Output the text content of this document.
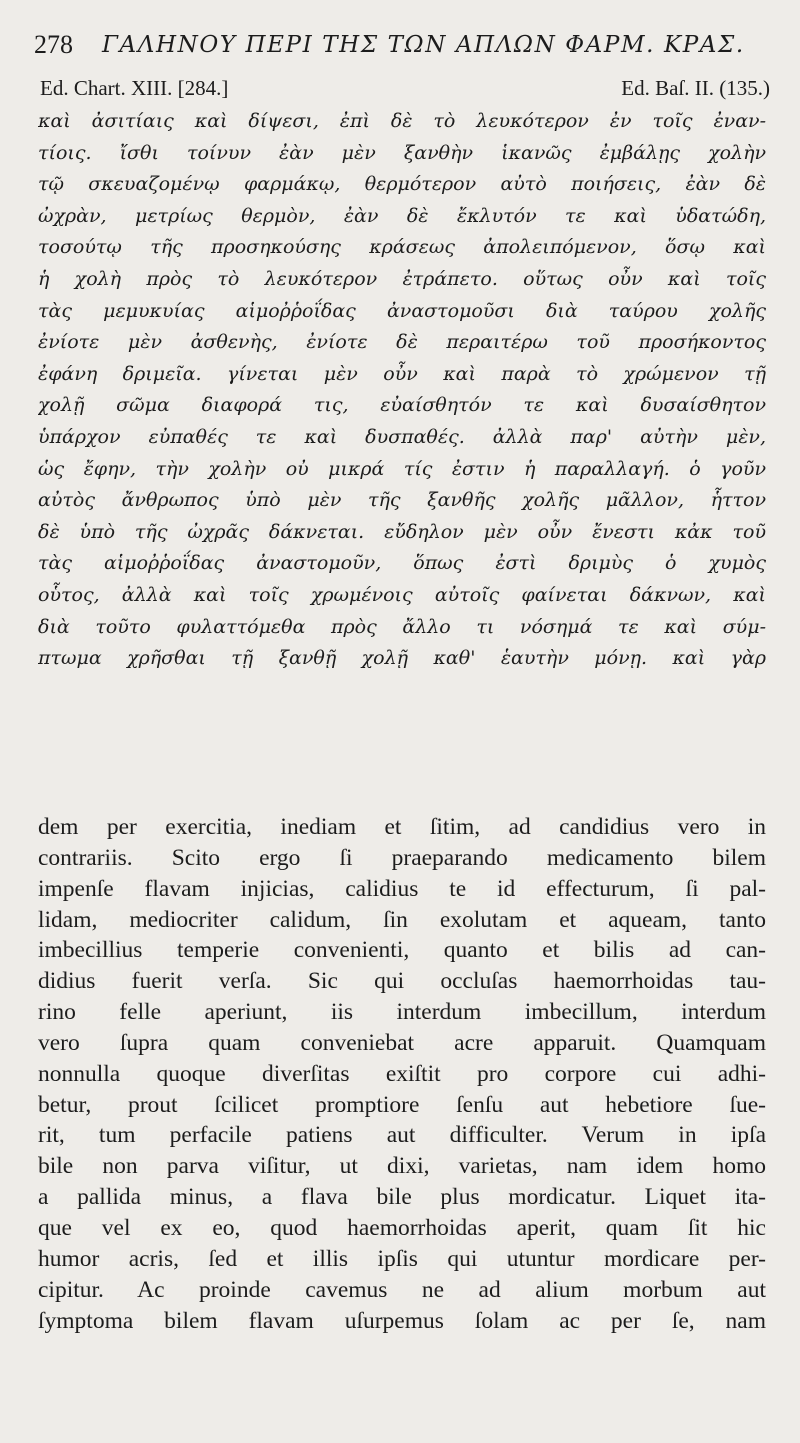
278 ΓΑΛΗΝΟΥ ΠΕΡΙ ΤΗΣ ΤΩΝ ΑΠΛΩΝ ΦΑΡΜ. ΚΡΑΣ.
Ed. Chart. XIII. [284.]	Ed. Baſ. II. (135.)
καὶ ἀσιτίαις καὶ δίψεσι, ἐπὶ δὲ τὸ λευκότερον ἐν τοῖς ἐναν-
τίοις. ἴσθι τοίνυν ἐὰν μὲν ξανθὴν ἱκανῶς ἐμβάλῃς χολὴν
τῷ σκευαζομένῳ φαρμάκῳ, θερμότερον αὐτὸ ποιήσεις, ἐὰν δὲ
ὠχρὰν, μετρίως θερμὸν, ἐὰν δὲ ἔκλυτόν τε καὶ ὑδατώδη,
τοσούτῳ τῆς προσηκούσης κράσεως ἀπολειπόμενον, ὅσῳ καὶ
ἡ χολὴ πρὸς τὸ λευκότερον ἐτράπετο. οὕτως οὖν καὶ τοῖς
τὰς μεμυκυίας αἱμοῤῥοΐδας ἀναστομοῦσι διὰ ταύρου χολῆς
ἐνίοτε μὲν ἀσθενὴς, ἐνίοτε δὲ περαιτέρω τοῦ προσήκοντος
ἐφάνη δριμεῖα. γίνεται μὲν οὖν καὶ παρὰ τὸ χρώμενον τῇ
χολῇ σῶμα διαφορά τις, εὐαίσθητόν τε καὶ δυσαίσθητον
ὑπάρχον εὐπαθές τε καὶ δυσπαθές. ἀλλὰ παρ' αὐτὴν μὲν,
ὡς ἔφην, τὴν χολὴν οὐ μικρά τίς ἐστιν ἡ παραλλαγή. ὁ γοῦν
αὐτὸς ἄνθρωπος ὑπὸ μὲν τῆς ξανθῆς χολῆς μᾶλλον, ἧττον
δὲ ὑπὸ τῆς ὠχρᾶς δάκνεται. εὔδηλον μὲν οὖν ἔνεστι κἀκ τοῦ
τὰς αἱμοῤῥοΐδας ἀναστομοῦν, ὅπως ἐστὶ δριμὺς ὁ χυμὸς
οὗτος, ἀλλὰ καὶ τοῖς χρωμένοις αὐτοῖς φαίνεται δάκνων, καὶ
διὰ τοῦτο φυλαττόμεθα πρὸς ἄλλο τι νόσημά τε καὶ σύμ-
πτωμα χρῆσθαι τῇ ξανθῇ χολῇ καθ' ἑαυτὴν μόνῃ. καὶ γὰρ
dem per exercitia, inediam et ſitim, ad candidius vero in
contrariis. Scito ergo ſi praeparando medicamento bilem
impenſe flavam injicias, calidius te id effecturum, ſi pal-
lidam, mediocriter calidum, ſin exolutam et aqueam, tanto
imbecillius temperie convenienti, quanto et bilis ad can-
didius fuerit verſa. Sic qui occluſas haemorrhoidas tau-
rino felle aperiunt, iis interdum imbecillum, interdum
vero ſupra quam conveniebat acre apparuit. Quamquam
nonnulla quoque diverſitas exiſtit pro corpore cui adhi-
betur, prout ſcilicet promptiore ſenſu aut hebetiore ſue-
rit, tum perfacile patiens aut difficulter. Verum in ipſa
bile non parva viſitur, ut dixi, varietas, nam idem homo
a pallida minus, a flava bile plus mordicatur. Liquet ita-
que vel ex eo, quod haemorrhoidas aperit, quam ſit hic
humor acris, ſed et illis ipſis qui utuntur mordicare per-
cipitur. Ac proinde cavemus ne ad alium morbum aut
ſymptoma bilem flavam uſurpemus ſolam ac per ſe, nam
